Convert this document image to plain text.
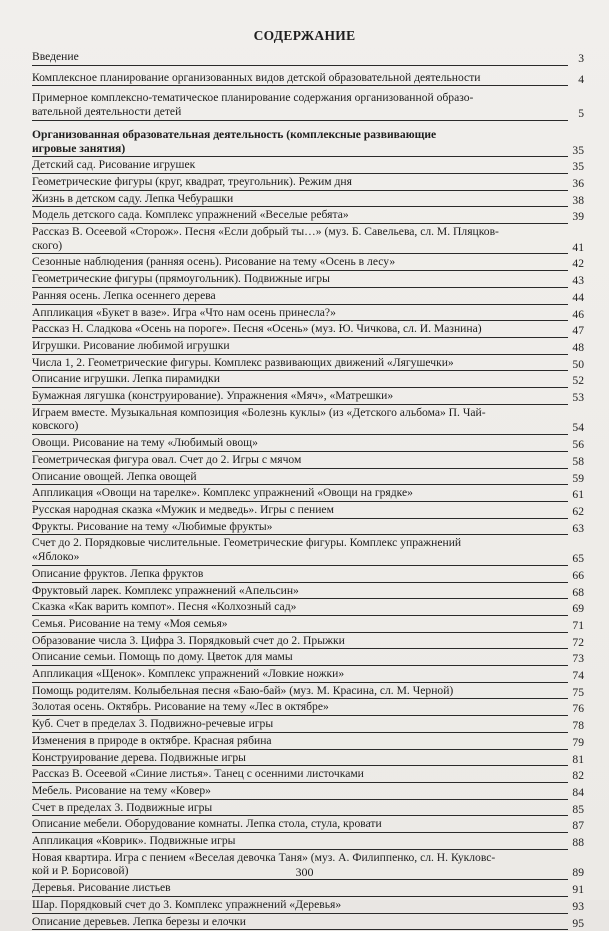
СОДЕРЖАНИЕ
Введение	3
Комплексное планирование организованных видов детской образовательной деятельности	4
Примерное комплексно-тематическое планирование содержания организованной образо-
вательной деятельности детей	5
Организованная образовательная деятельность (комплексные развивающие
игровые занятия)	35
Детский сад. Рисование игрушек	35
Геометрические фигуры (круг, квадрат, треугольник). Режим дня	36
Жизнь в детском саду. Лепка Чебурашки	38
Модель детского сада. Комплекс упражнений «Веселые ребята»	39
Рассказ В. Осеевой «Сторож». Песня «Если добрый ты…» (муз. Б. Савельева, сл. М. Пляцков-
ского)	41
Сезонные наблюдения (ранняя осень). Рисование на тему «Осень в лесу»	42
Геометрические фигуры (прямоугольник). Подвижные игры	43
Ранняя осень. Лепка осеннего дерева	44
Аппликация «Букет в вазе». Игра «Что нам осень принесла?»	46
Рассказ Н. Сладкова «Осень на пороге». Песня «Осень» (муз. Ю. Чичкова, сл. И. Мазнина)	47
Игрушки. Рисование любимой игрушки	48
Числа 1, 2. Геометрические фигуры. Комплекс развивающих движений «Лягушечки»	50
Описание игрушки. Лепка пирамидки	52
Бумажная лягушка (конструирование). Упражнения «Мяч», «Матрешки»	53
Играем вместе. Музыкальная композиция «Болезнь куклы» (из «Детского альбома» П. Чай-
ковского)	54
Овощи. Рисование на тему «Любимый овощ»	56
Геометрическая фигура овал. Счет до 2. Игры с мячом	58
Описание овощей. Лепка овощей	59
Аппликация «Овощи на тарелке». Комплекс упражнений «Овощи на грядке»	61
Русская народная сказка «Мужик и медведь». Игры с пением	62
Фрукты. Рисование на тему «Любимые фрукты»	63
Счет до 2. Порядковые числительные. Геометрические фигуры. Комплекс упражнений
«Яблоко»	65
Описание фруктов. Лепка фруктов	66
Фруктовый ларек. Комплекс упражнений «Апельсин»	68
Сказка «Как варить компот». Песня «Колхозный сад»	69
Семья. Рисование на тему «Моя семья»	71
Образование числа 3. Цифра 3. Порядковый счет до 2. Прыжки	72
Описание семьи. Помощь по дому. Цветок для мамы	73
Аппликация «Щенок». Комплекс упражнений «Ловкие ножки»	74
Помощь родителям. Колыбельная песня «Баю-бай» (муз. М. Красина, сл. М. Черной)	75
Золотая осень. Октябрь. Рисование на тему «Лес в октябре»	76
Куб. Счет в пределах 3. Подвижно-речевые игры	78
Изменения в природе в октябре. Красная рябина	79
Конструирование дерева. Подвижные игры	81
Рассказ В. Осеевой «Синие листья». Танец с осенними листочками	82
Мебель. Рисование на тему «Ковер»	84
Счет в пределах 3. Подвижные игры	85
Описание мебели. Оборудование комнаты. Лепка стола, стула, кровати	87
Аппликация «Коврик». Подвижные игры	88
Новая квартира. Игра с пением «Веселая девочка Таня» (муз. А. Филиппенко, сл. Н. Кукловс-
кой и Р. Борисовой)	89
Деревья. Рисование листьев	91
Шар. Порядковый счет до 3. Комплекс упражнений «Деревья»	93
Описание деревьев. Лепка березы и елочки	95
300
